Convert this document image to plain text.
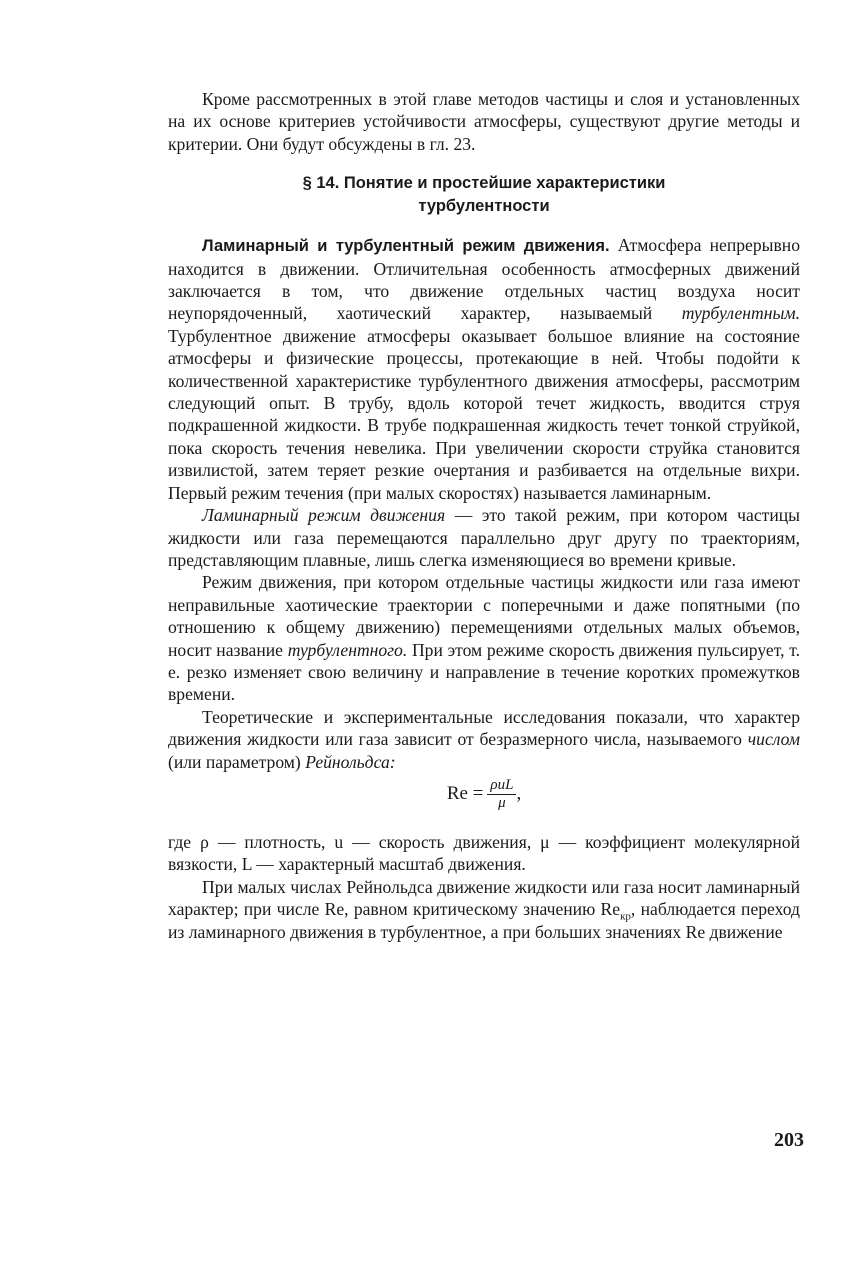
Кроме рассмотренных в этой главе методов частицы и слоя и установленных на их основе критериев устойчивости атмосферы, существуют другие методы и критерии. Они будут обсуждены в гл. 23.

§ 14. Понятие и простейшие характеристики
турбулентности

Ламинарный и турбулентный режим движения. Атмосфера непрерывно находится в движении. Отличительная особенность атмосферных движений заключается в том, что движение отдельных частиц воздуха носит неупорядоченный, хаотический характер, называемый турбулентным. Турбулентное движение атмосферы оказывает большое влияние на состояние атмосферы и физические процессы, протекающие в ней. Чтобы подойти к количественной характеристике турбулентного движения атмосферы, рассмотрим следующий опыт. В трубу, вдоль которой течет жидкость, вводится струя подкрашенной жидкости. В трубе подкрашенная жидкость течет тонкой струйкой, пока скорость течения невелика. При увеличении скорости струйка становится извилистой, затем теряет резкие очертания и разбивается на отдельные вихри. Первый режим течения (при малых скоростях) называется ламинарным.

Ламинарный режим движения — это такой режим, при котором частицы жидкости или газа перемещаются параллельно друг другу по траекториям, представляющим плавные, лишь слегка изменяющиеся во времени кривые.

Режим движения, при котором отдельные частицы жидкости или газа имеют неправильные хаотические траектории с поперечными и даже попятными (по отношению к общему движению) перемещениями отдельных малых объемов, носит название турбулентного. При этом режиме скорость движения пульсирует, т. е. резко изменяет свою величину и направление в течение коротких промежутков времени.

Теоретические и экспериментальные исследования показали, что характер движения жидкости или газа зависит от безразмерного числа, называемого числом (или параметром) Рейнольдса:

$Re = \frac{\text{ρuL}}{\mu}$ ,

где ρ — плотность, u — скорость движения, μ — коэффициент молекулярной вязкости, L — характерный масштаб движения.

При малых числах Рейнольдса движение жидкости или газа носит ламинарный характер; при числе Re, равном критическому значению $Re_{кр}$, наблюдается переход из ламинарного движения в турбулентное, а при больших значениях Re движение

203
